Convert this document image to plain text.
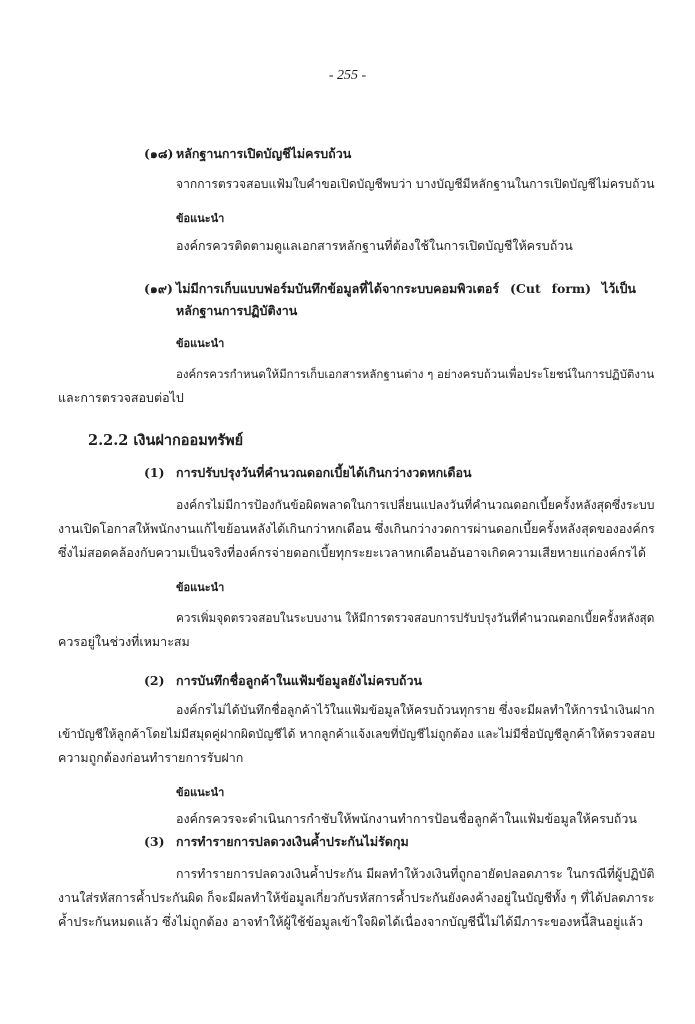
- 255 -
(๑๘) หลักฐานการเปิดบัญชีไม่ครบถ้วน
จากการตรวจสอบแฟ้มใบคำขอเปิดบัญชีพบว่า บางบัญชีมีหลักฐานในการเปิดบัญชีไม่ครบถ้วน
ข้อแนะนำ
องค์กรควรติดตามดูแลเอกสารหลักฐานที่ต้องใช้ในการเปิดบัญชีให้ครบถ้วน
(๑๙) ไม่มีการเก็บแบบฟอร์มบันทึกข้อมูลที่ได้จากระบบคอมพิวเตอร์ (Cut form) ไว้เป็น
หลักฐานการปฏิบัติงาน
ข้อแนะนำ
องค์กรควรกำหนดให้มีการเก็บเอกสารหลักฐานต่าง ๆ อย่างครบถ้วนเพื่อประโยชน์ในการปฏิบัติงาน
และการตรวจสอบต่อไป
2.2.2 เงินฝากออมทรัพย์
(1) การปรับปรุงวันที่คำนวณดอกเบี้ยได้เกินกว่างวดหกเดือน
องค์กรไม่มีการป้องกันข้อผิดพลาดในการเปลี่ยนแปลงวันที่คำนวณดอกเบี้ยครั้งหลังสุดซึ่งระบบ
งานเปิดโอกาสให้พนักงานแก้ไขย้อนหลังได้เกินกว่าหกเดือน ซึ่งเกินกว่างวดการผ่านดอกเบี้ยครั้งหลังสุดขององค์กร
ซึ่งไม่สอดคล้องกับความเป็นจริงที่องค์กรจ่ายดอกเบี้ยทุกระยะเวลาหกเดือนอันอาจเกิดความเสียหายแก่องค์กรได้
ข้อแนะนำ
ควรเพิ่มจุดตรวจสอบในระบบงาน ให้มีการตรวจสอบการปรับปรุงวันที่คำนวณดอกเบี้ยครั้งหลังสุด
ควรอยู่ในช่วงที่เหมาะสม
(2) การบันทึกชื่อลูกค้าในแฟ้มข้อมูลยังไม่ครบถ้วน
องค์กรไม่ได้บันทึกชื่อลูกค้าไว้ในแฟ้มข้อมูลให้ครบถ้วนทุกราย ซึ่งจะมีผลทำให้การนำเงินฝาก
เข้าบัญชีให้ลูกค้าโดยไม่มีสมุดคู่ฝากผิดบัญชีได้ หากลูกค้าแจ้งเลขที่บัญชีไม่ถูกต้อง และไม่มีชื่อบัญชีลูกค้าให้ตรวจสอบ
ความถูกต้องก่อนทำรายการรับฝาก
ข้อแนะนำ
องค์กรควรจะดำเนินการกำชับให้พนักงานทำการป้อนชื่อลูกค้าในแฟ้มข้อมูลให้ครบถ้วน
(3) การทำรายการปลดวงเงินค้ำประกันไม่รัดกุม
การทำรายการปลดวงเงินค้ำประกัน มีผลทำให้วงเงินที่ถูกอายัดปลอดภาระ ในกรณีที่ผู้ปฏิบัติ
งานใส่รหัสการค้ำประกันผิด ก็จะมีผลทำให้ข้อมูลเกี่ยวกับรหัสการค้ำประกันยังคงค้างอยู่ในบัญชีทั้ง ๆ ที่ได้ปลดภาระ
ค้ำประกันหมดแล้ว ซึ่งไม่ถูกต้อง อาจทำให้ผู้ใช้ข้อมูลเข้าใจผิดได้เนื่องจากบัญชีนี้ไม่ได้มีภาระของหนี้สินอยู่แล้ว
